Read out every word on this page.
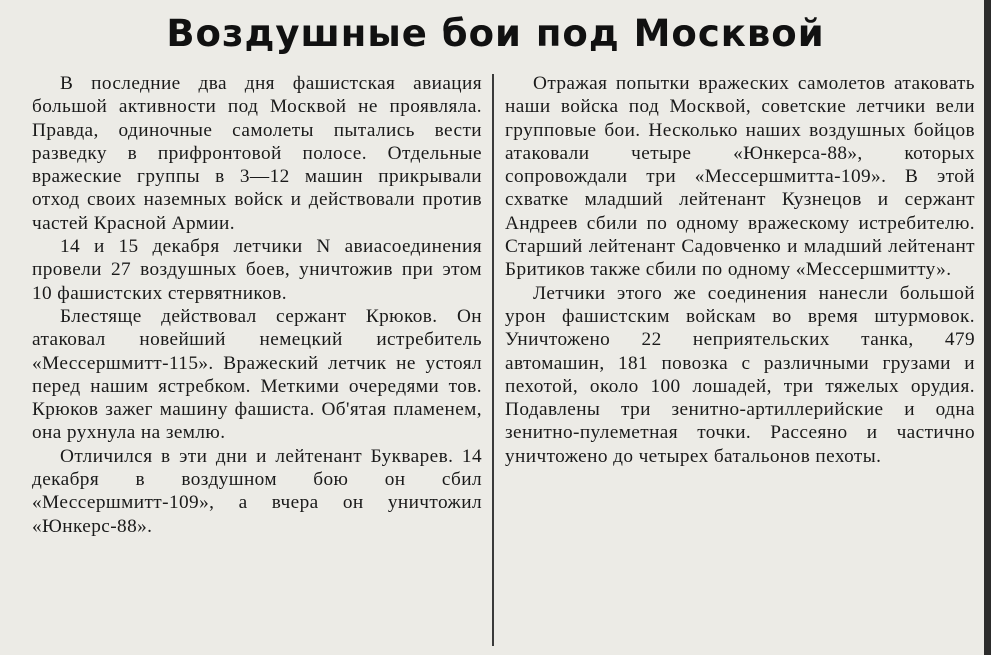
Воздушные бои под Москвой

В последние два дня фашистская авиация большой активности под Москвой не проявляла. Правда, одиночные самолеты пытались вести разведку в прифронтовой полосе. Отдельные вражеские группы в 3—12 машин прикрывали отход своих наземных войск и действовали против частей Красной Армии.

14 и 15 декабря летчики N авиасоединения провели 27 воздушных боев, уничтожив при этом 10 фашистских стервятников.

Блестяще действовал сержант Крюков. Он атаковал новейший немецкий истребитель «Мессершмитт-115». Вражеский летчик не устоял перед нашим ястребком. Меткими очередями тов. Крюков зажег машину фашиста. Об'ятая пламенем, она рухнула на землю.

Отличился в эти дни и лейтенант Букварев. 14 декабря в воздушном бою он сбил «Мессершмитт-109», а вчера он уничтожил «Юнкерс-88».

Отражая попытки вражеских самолетов атаковать наши войска под Москвой, советские летчики вели групповые бои. Несколько наших воздушных бойцов атаковали четыре «Юнкерса-88», которых сопровождали три «Мессершмитта-109». В этой схватке младший лейтенант Кузнецов и сержант Андреев сбили по одному вражескому истребителю. Старший лейтенант Садовченко и младший лейтенант Бритиков также сбили по одному «Мессершмитту».

Летчики этого же соединения нанесли большой урон фашистским войскам во время штурмовок. Уничтожено 22 неприятельских танка, 479 автомашин, 181 повозка с различными грузами и пехотой, около 100 лошадей, три тяжелых орудия. Подавлены три зенитно-артиллерийские и одна зенитно-пулеметная точки. Рассеяно и частично уничтожено до четырех батальонов пехоты.
